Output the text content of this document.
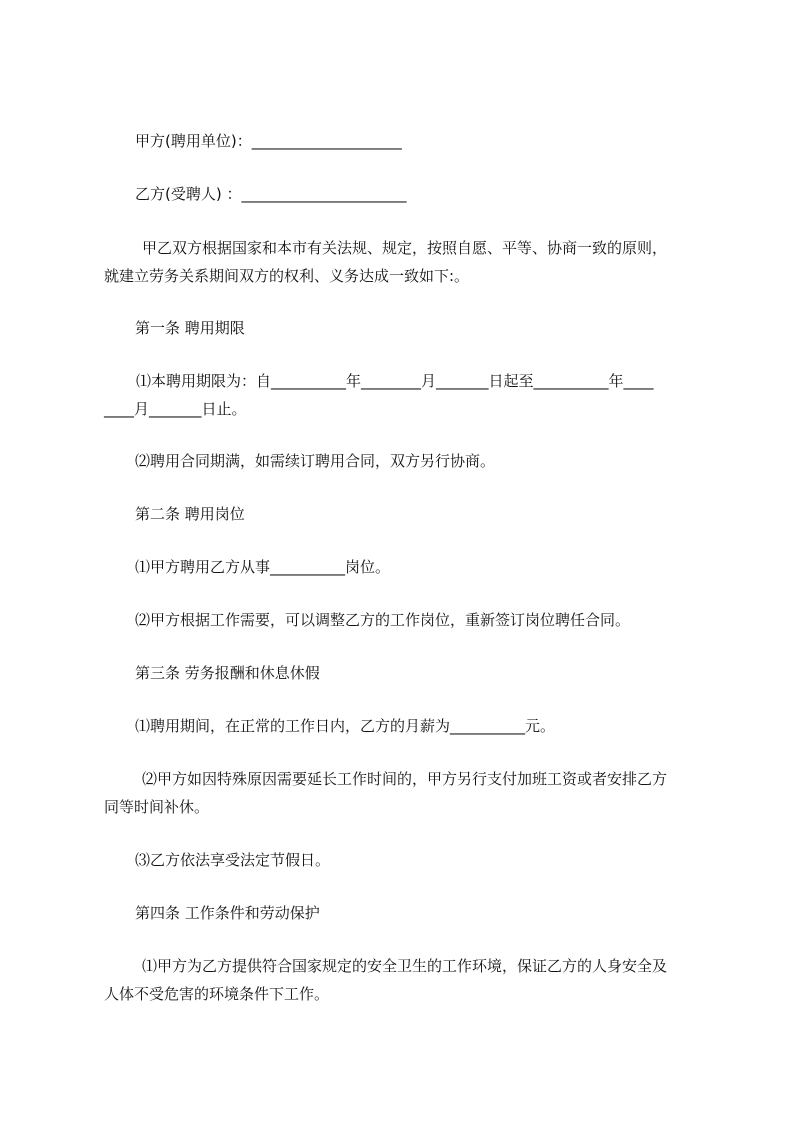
甲方(聘用单位)：____________________
乙方(受聘人) ：______________________
甲乙双方根据国家和本市有关法规、规定，按照自愿、平等、协商一致的原则，
就建立劳务关系期间双方的权利、义务达成一致如下:。
第一条 聘用期限
⑴本聘用期限为：自__________年________月_______日起至__________年____
____月_______日止。
⑵聘用合同期满，如需续订聘用合同，双方另行协商。
第二条 聘用岗位
⑴甲方聘用乙方从事__________岗位。
⑵甲方根据工作需要，可以调整乙方的工作岗位，重新签订岗位聘任合同。
第三条 劳务报酬和休息休假
⑴聘用期间，在正常的工作日内，乙方的月薪为__________元。
⑵甲方如因特殊原因需要延长工作时间的，甲方另行支付加班工资或者安排乙方
同等时间补休。
⑶乙方依法享受法定节假日。
第四条 工作条件和劳动保护
⑴甲方为乙方提供符合国家规定的安全卫生的工作环境，保证乙方的人身安全及
人体不受危害的环境条件下工作。
